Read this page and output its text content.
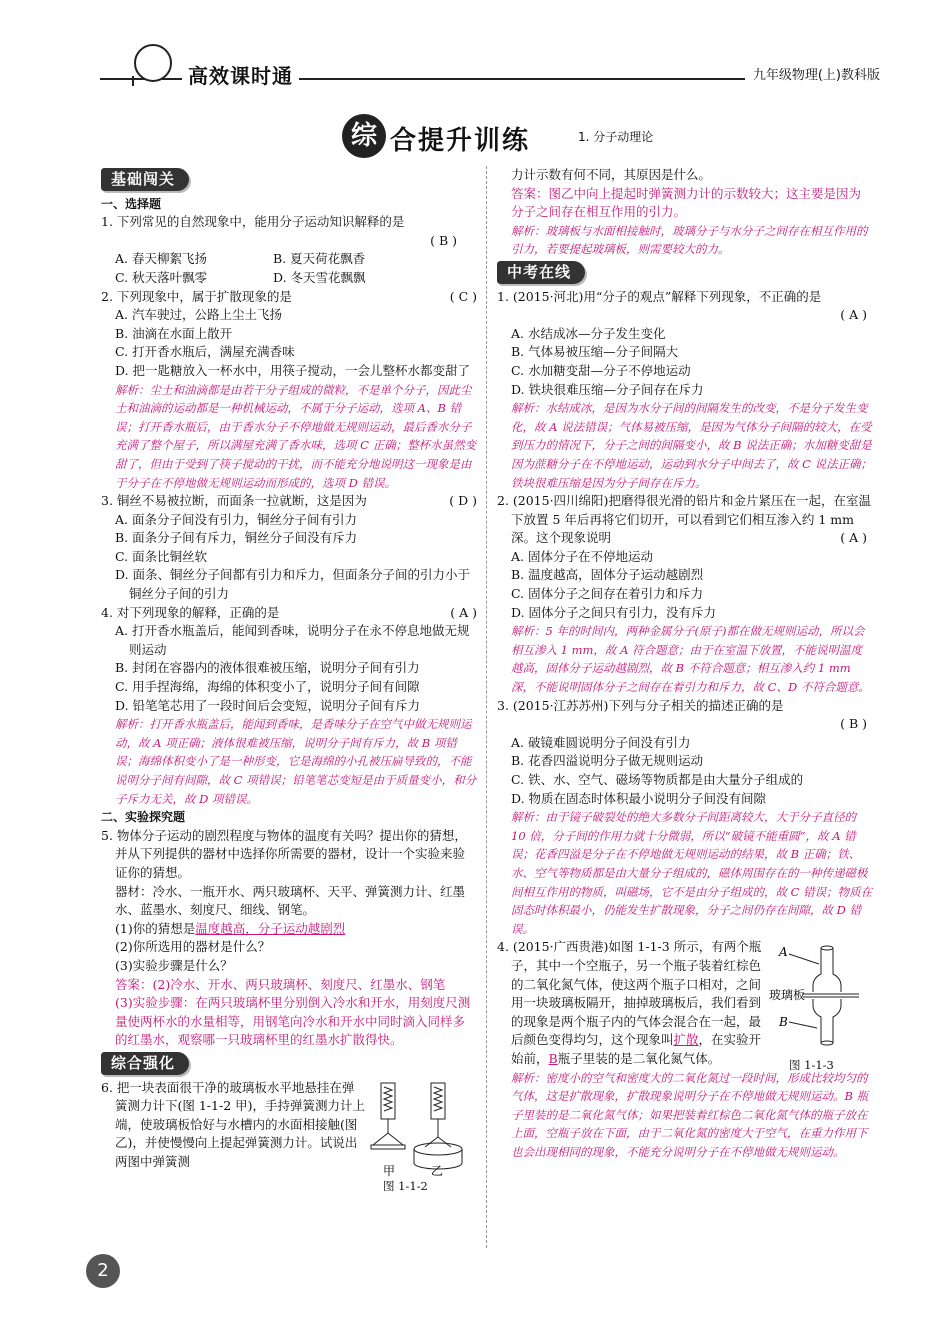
高效课时通	九年级物理(上)教科版
综 合提升训练	1. 分子动理论
基础闯关

一、选择题

1. 下列常见的自然现象中，能用分子运动知识解释的是

( B )

A. 春天柳絮飞扬	B. 夏天荷花飘香

C. 秋天落叶飘零	D. 冬天雪花飘飘

( C )
2. 下列现象中，属于扩散现象的是

A. 汽车驶过，公路上尘土飞扬

B. 油滴在水面上散开

C. 打开香水瓶后，满屋充满香味

D. 把一匙糖放入一杯水中，用筷子搅动，一会儿整杯水都变甜了

解析：尘土和油滴都是由若干分子组成的微粒，不是单个分子，因此尘土和油滴的运动都是一种机械运动，不属于分子运动，选项 A、B 错误；打开香水瓶后，由于香水分子不停地做无规则运动，最后香水分子充满了整个屋子，所以满屋充满了香水味，选项 C 正确；整杯水虽然变甜了，但由于受到了筷子搅动的干扰，而不能充分地说明这一现象是由于分子在不停地做无规则运动而形成的，选项 D 错误。

( D )
3. 铜丝不易被拉断，而面条一拉就断，这是因为

A. 面条分子间没有引力，铜丝分子间有引力

B. 面条分子间有斥力，铜丝分子间没有斥力

C. 面条比铜丝软

D. 面条、铜丝分子间都有引力和斥力，但面条分子间的引力小于铜丝分子间的引力

( A )
4. 对下列现象的解释，正确的是

A. 打开香水瓶盖后，能闻到香味，说明分子在永不停息地做无规则运动

B. 封闭在容器内的液体很难被压缩，说明分子间有引力

C. 用手捏海绵，海绵的体积变小了，说明分子间有间隙

D. 铅笔笔芯用了一段时间后会变短，说明分子间有斥力

解析：打开香水瓶盖后，能闻到香味，是香味分子在空气中做无规则运动，故 A 项正确；液体很难被压缩，说明分子间有斥力，故 B 项错误；海绵体积变小了是一种形变，它是海绵的小孔被压扁导致的，不能说明分子间有间隙，故 C 项错误；铅笔笔芯变短是由于质量变小，和分子斥力无关，故 D 项错误。

二、实验探究题

5. 物体分子运动的剧烈程度与物体的温度有关吗？提出你的猜想，并从下列提供的器材中选择你所需要的器材，设计一个实验来验证你的猜想。

器材：冷水、一瓶开水、两只玻璃杯、天平、弹簧测力计、红墨水、蓝墨水、刻度尺、细线、钢笔。

(1)你的猜想是温度越高，分子运动越剧烈

(2)你所选用的器材是什么？

(3)实验步骤是什么？

答案：(2)冷水、开水、两只玻璃杯、刻度尺、红墨水、钢笔

(3)实验步骤：在两只玻璃杯里分别倒入冷水和开水，用刻度尺测量使两杯水的水量相等，用钢笔向冷水和开水中同时滴入同样多的红墨水，观察哪一只玻璃杯里的红墨水扩散得快。

综合强化

6. 把一块表面很干净的玻璃板水平地悬挂在弹簧测力计下(图 1-1-2 甲)，手持弹簧测力计上端，使玻璃板恰好与水槽内的水面相接触(图乙)，并使慢慢向上提起弹簧测力计。试说出两图中弹簧测

甲	乙

图 1-1-2

力计示数有何不同，其原因是什么。

答案：图乙中向上提起时弹簧测力计的示数较大；这主要是因为分子之间存在相互作用的引力。

解析：玻璃板与水面相接触时，玻璃分子与水分子之间存在相互作用的引力，若要提起玻璃板，则需要较大的力。

中考在线

1. (2015·河北)用“分子的观点”解释下列现象，不正确的是

( A )

A. 水结成冰—分子发生变化

B. 气体易被压缩—分子间隔大

C. 水加糖变甜—分子不停地运动

D. 铁块很难压缩—分子间存在斥力

解析：水结成冰，是因为水分子间的间隔发生的改变，不是分子发生变化，故 A 说法错误；气体易被压缩，是因为气体分子间隔的较大，在受到压力的情况下，分子之间的间隔变小，故 B 说法正确；水加糖变甜是因为蔗糖分子在不停地运动，运动到水分子中间去了，故 C 说法正确；铁块很难压缩是因为分子间存在斥力。

2. (2015·四川绵阳)把磨得很光滑的铅片和金片紧压在一起，在室温下放置 5 年后再将它们切开，可以看到它们相互渗入约 1 mm深。这个现象说明	( A )

A. 固体分子在不停地运动

B. 温度越高，固体分子运动越剧烈

C. 固体分子之间存在着引力和斥力

D. 固体分子之间只有引力，没有斥力

解析：5 年的时间内，两种金属分子(原子)都在做无规则运动，所以会相互渗入 1 mm，故 A 符合题意；由于在室温下放置，不能说明温度越高，固体分子运动越剧烈，故 B 不符合题意；相互渗入约 1 mm 深，不能说明固体分子之间存在着引力和斥力，故 C、D 不符合题意。

3. (2015·江苏苏州)下列与分子相关的描述正确的是

( B )

A. 破镜难圆说明分子间没有引力

B. 花香四溢说明分子做无规则运动

C. 铁、水、空气、磁场等物质都是由大量分子组成的

D. 物质在固态时体积最小说明分子间没有间隙

解析：由于镜子破裂处的绝大多数分子间距离较大，大于分子直径的 10 倍，分子间的作用力就十分微弱，所以“破镜不能重圆”，故 A 错误；花香四溢是分子在不停地做无规则运动的结果，故 B 正确；铁、水、空气等物质都是由大量分子组成的，磁体周围存在的一种传递磁极间相互作用的物质，叫磁场，它不是由分子组成的，故 C 错误；物质在固态时体积最小，仍能发生扩散现象，分子之间仍存在间隙，故 D 错误。

4. (2015·广西贵港)如图 1-1-3 所示，有两个瓶子，其中一个空瓶子，另一个瓶子装着红棕色的二氧化氮气体，使这两个瓶子口相对，之间用一块玻璃板隔开，抽掉玻璃板后，我们看到的现象是两个瓶子内的气体会混合在一起，最后颜色变得均匀，这个现象叫扩散，在实验开始前，B瓶子里装的是二氧化氮气体。

A
玻璃板
B

图 1-1-3

解析：密度小的空气和密度大的二氧化氮过一段时间，形成比较均匀的气体，这是扩散现象，扩散现象说明分子在不停地做无规则运动。B 瓶子里装的是二氧化氮气体；如果把装着红棕色二氧化氮气体的瓶子放在上面，空瓶子放在下面，由于二氧化氮的密度大于空气，在重力作用下也会出现相同的现象，不能充分说明分子在不停地做无规则运动。

2
